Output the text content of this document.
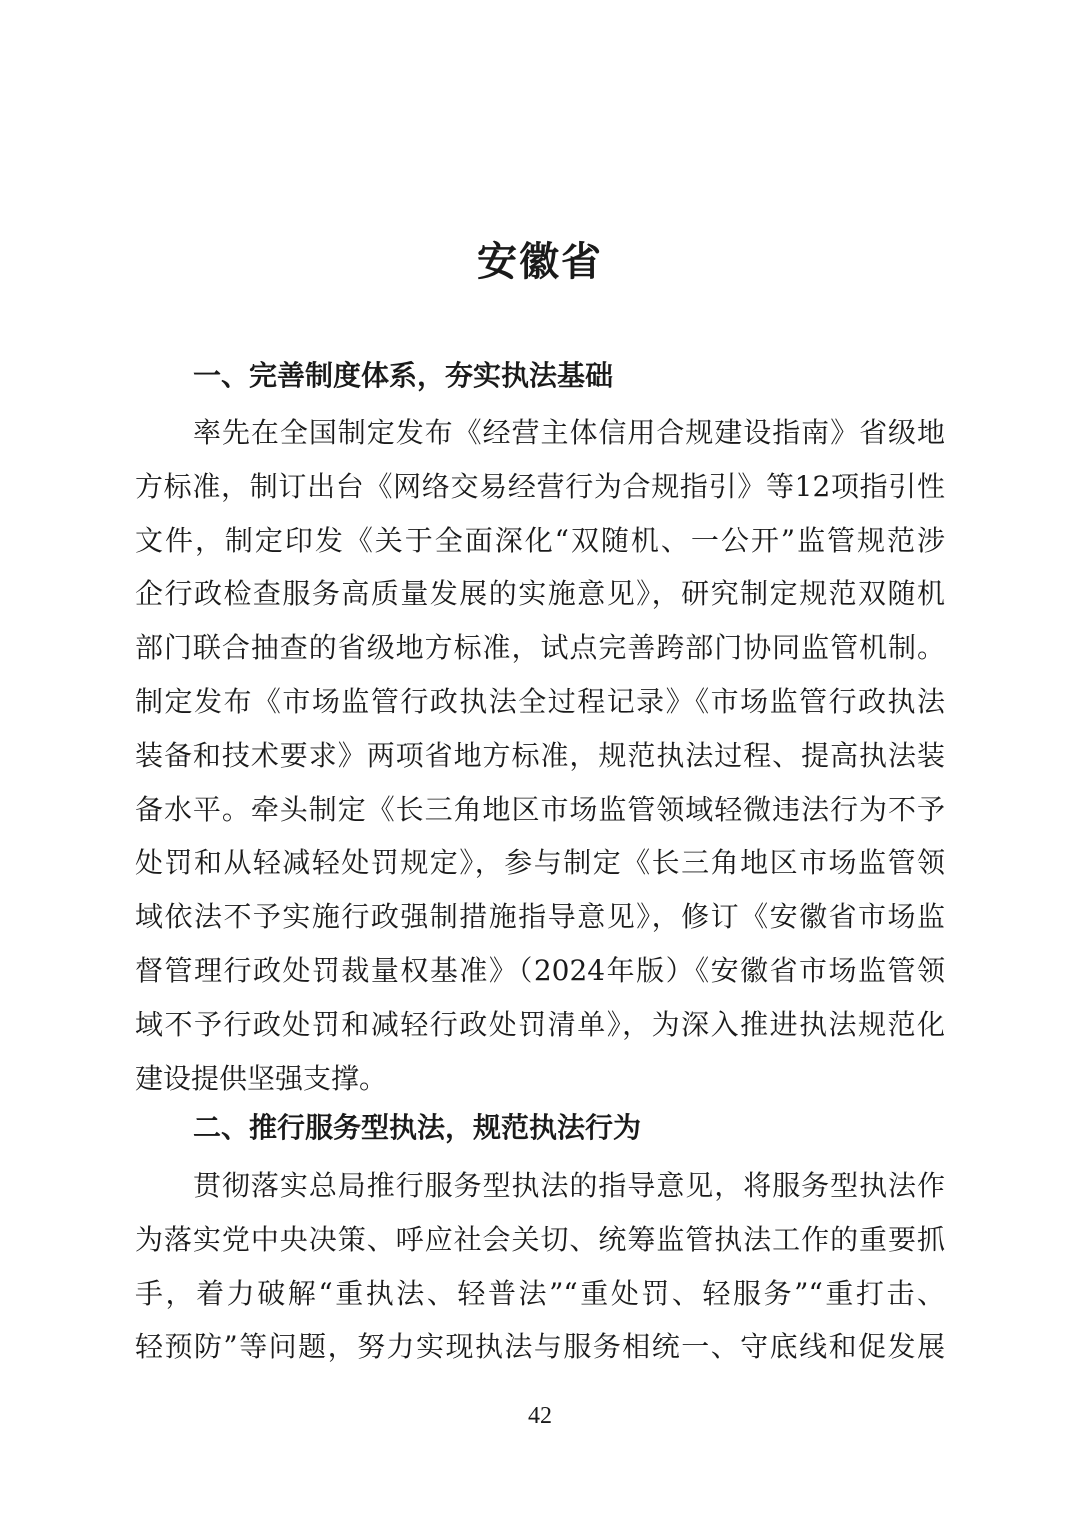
安徽省
一、完善制度体系，夯实执法基础
率先在全国制定发布《经营主体信用合规建设指南》省级地
方标准，制订出台《网络交易经营行为合规指引》等12项指引性
文件，制定印发《关于全面深化“双随机、一公开”监管规范涉
企行政检查服务高质量发展的实施意见》，研究制定规范双随机
部门联合抽查的省级地方标准，试点完善跨部门协同监管机制。
制定发布《市场监管行政执法全过程记录》《市场监管行政执法
装备和技术要求》两项省地方标准，规范执法过程、提高执法装
备水平。牵头制定《长三角地区市场监管领域轻微违法行为不予
处罚和从轻减轻处罚规定》，参与制定《长三角地区市场监管领
域依法不予实施行政强制措施指导意见》，修订《安徽省市场监
督管理行政处罚裁量权基准》（2024年版）《安徽省市场监管领
域不予行政处罚和减轻行政处罚清单》，为深入推进执法规范化
建设提供坚强支撑。
二、推行服务型执法，规范执法行为
贯彻落实总局推行服务型执法的指导意见，将服务型执法作
为落实党中央决策、呼应社会关切、统筹监管执法工作的重要抓
手，着力破解“重执法、轻普法”“重处罚、轻服务”“重打击、
轻预防”等问题，努力实现执法与服务相统一、守底线和促发展
42
